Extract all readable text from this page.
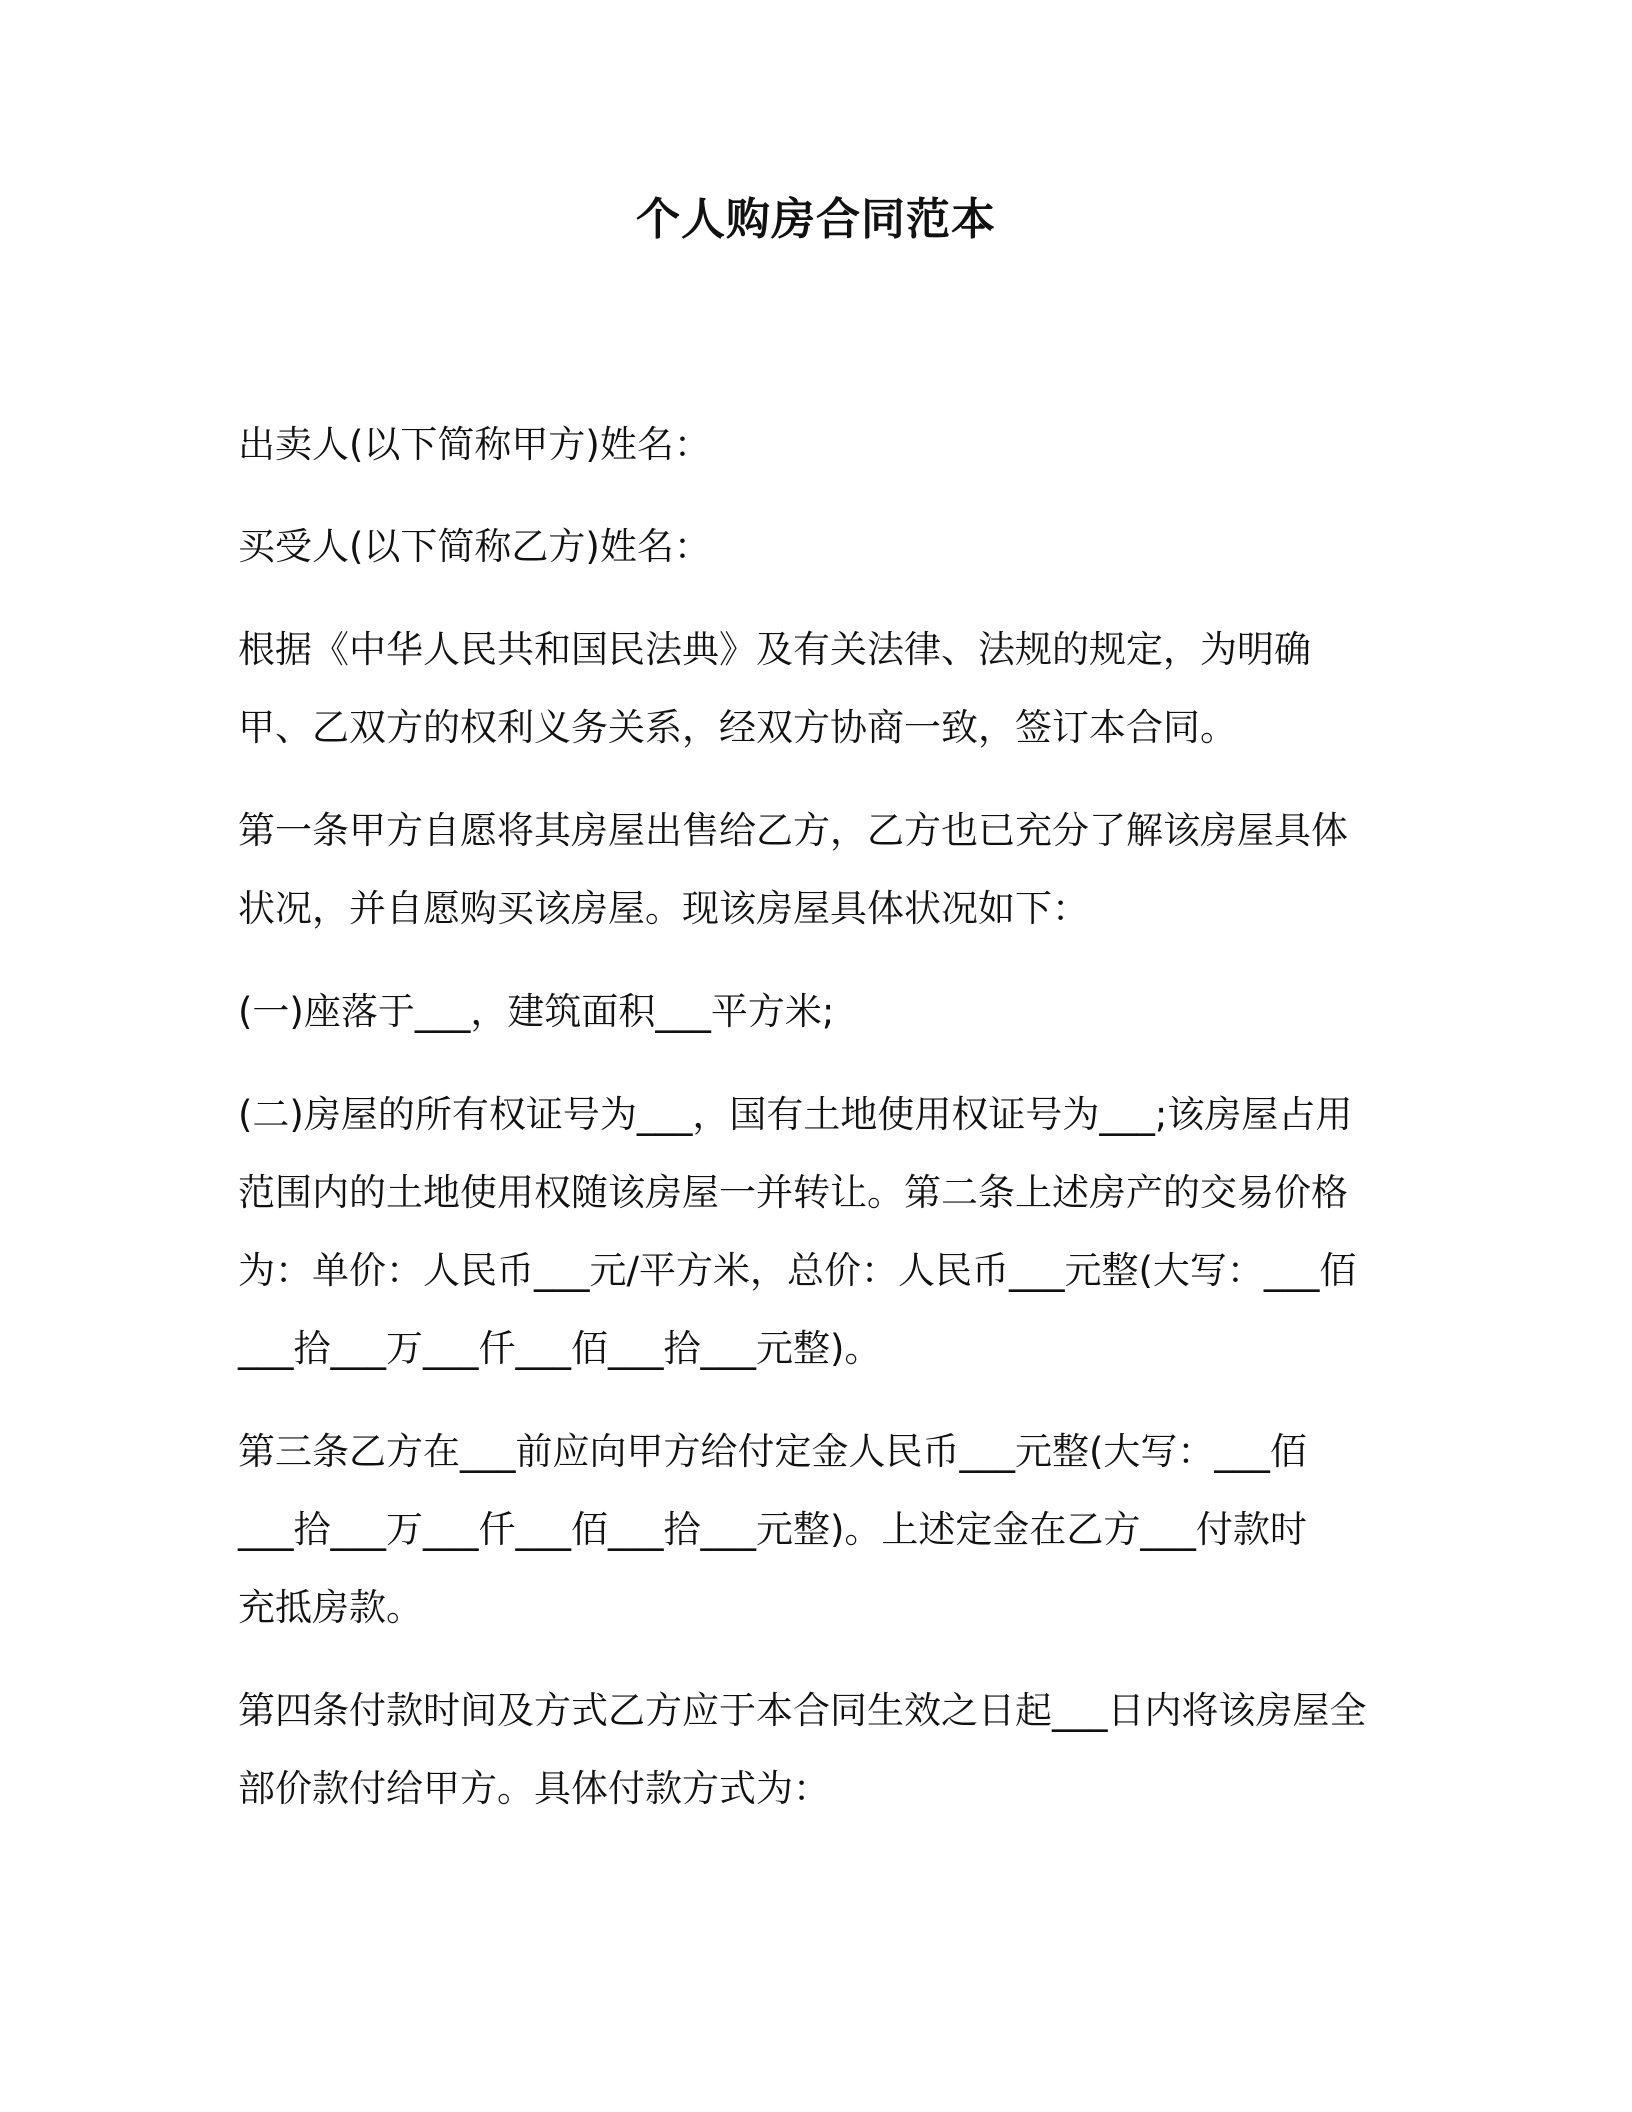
个人购房合同范本
出卖人(以下简称甲方)姓名：
买受人(以下简称乙方)姓名：
根据《中华人民共和国民法典》及有关法律、法规的规定，为明确
甲、乙双方的权利义务关系，经双方协商一致，签订本合同。
第一条甲方自愿将其房屋出售给乙方，乙方也已充分了解该房屋具体
状况，并自愿购买该房屋。现该房屋具体状况如下：
(一)座落于___，建筑面积___平方米;
(二)房屋的所有权证号为___，国有土地使用权证号为___;该房屋占用
范围内的土地使用权随该房屋一并转让。第二条上述房产的交易价格
为：单价：人民币___元/平方米，总价：人民币___元整(大写：___佰
___拾___万___仟___佰___拾___元整)。
第三条乙方在___前应向甲方给付定金人民币___元整(大写：___佰
___拾___万___仟___佰___拾___元整)。上述定金在乙方___付款时
充抵房款。
第四条付款时间及方式乙方应于本合同生效之日起___日内将该房屋全
部价款付给甲方。具体付款方式为：
